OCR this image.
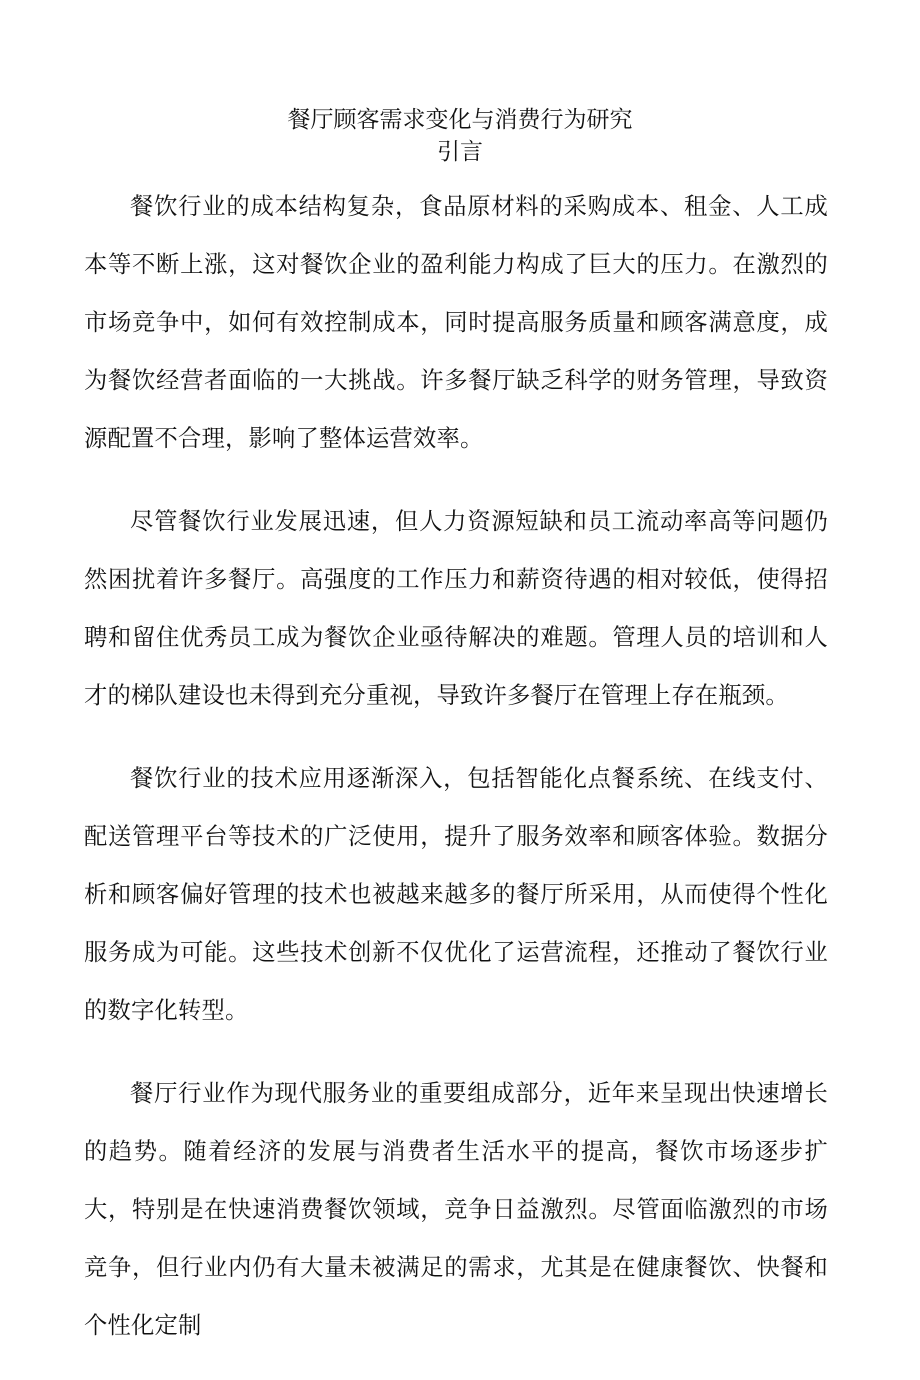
餐厅顾客需求变化与消费行为研究
引言

餐饮行业的成本结构复杂，食品原材料的采购成本、租金、人工成本等不断上涨，这对餐饮企业的盈利能力构成了巨大的压力。在激烈的市场竞争中，如何有效控制成本，同时提高服务质量和顾客满意度，成为餐饮经营者面临的一大挑战。许多餐厅缺乏科学的财务管理，导致资源配置不合理，影响了整体运营效率。

尽管餐饮行业发展迅速，但人力资源短缺和员工流动率高等问题仍然困扰着许多餐厅。高强度的工作压力和薪资待遇的相对较低，使得招聘和留住优秀员工成为餐饮企业亟待解决的难题。管理人员的培训和人才的梯队建设也未得到充分重视，导致许多餐厅在管理上存在瓶颈。

餐饮行业的技术应用逐渐深入，包括智能化点餐系统、在线支付、配送管理平台等技术的广泛使用，提升了服务效率和顾客体验。数据分析和顾客偏好管理的技术也被越来越多的餐厅所采用，从而使得个性化服务成为可能。这些技术创新不仅优化了运营流程，还推动了餐饮行业的数字化转型。

餐厅行业作为现代服务业的重要组成部分，近年来呈现出快速增长的趋势。随着经济的发展与消费者生活水平的提高，餐饮市场逐步扩大，特别是在快速消费餐饮领域，竞争日益激烈。尽管面临激烈的市场竞争，但行业内仍有大量未被满足的需求，尤其是在健康餐饮、快餐和个性化定制
